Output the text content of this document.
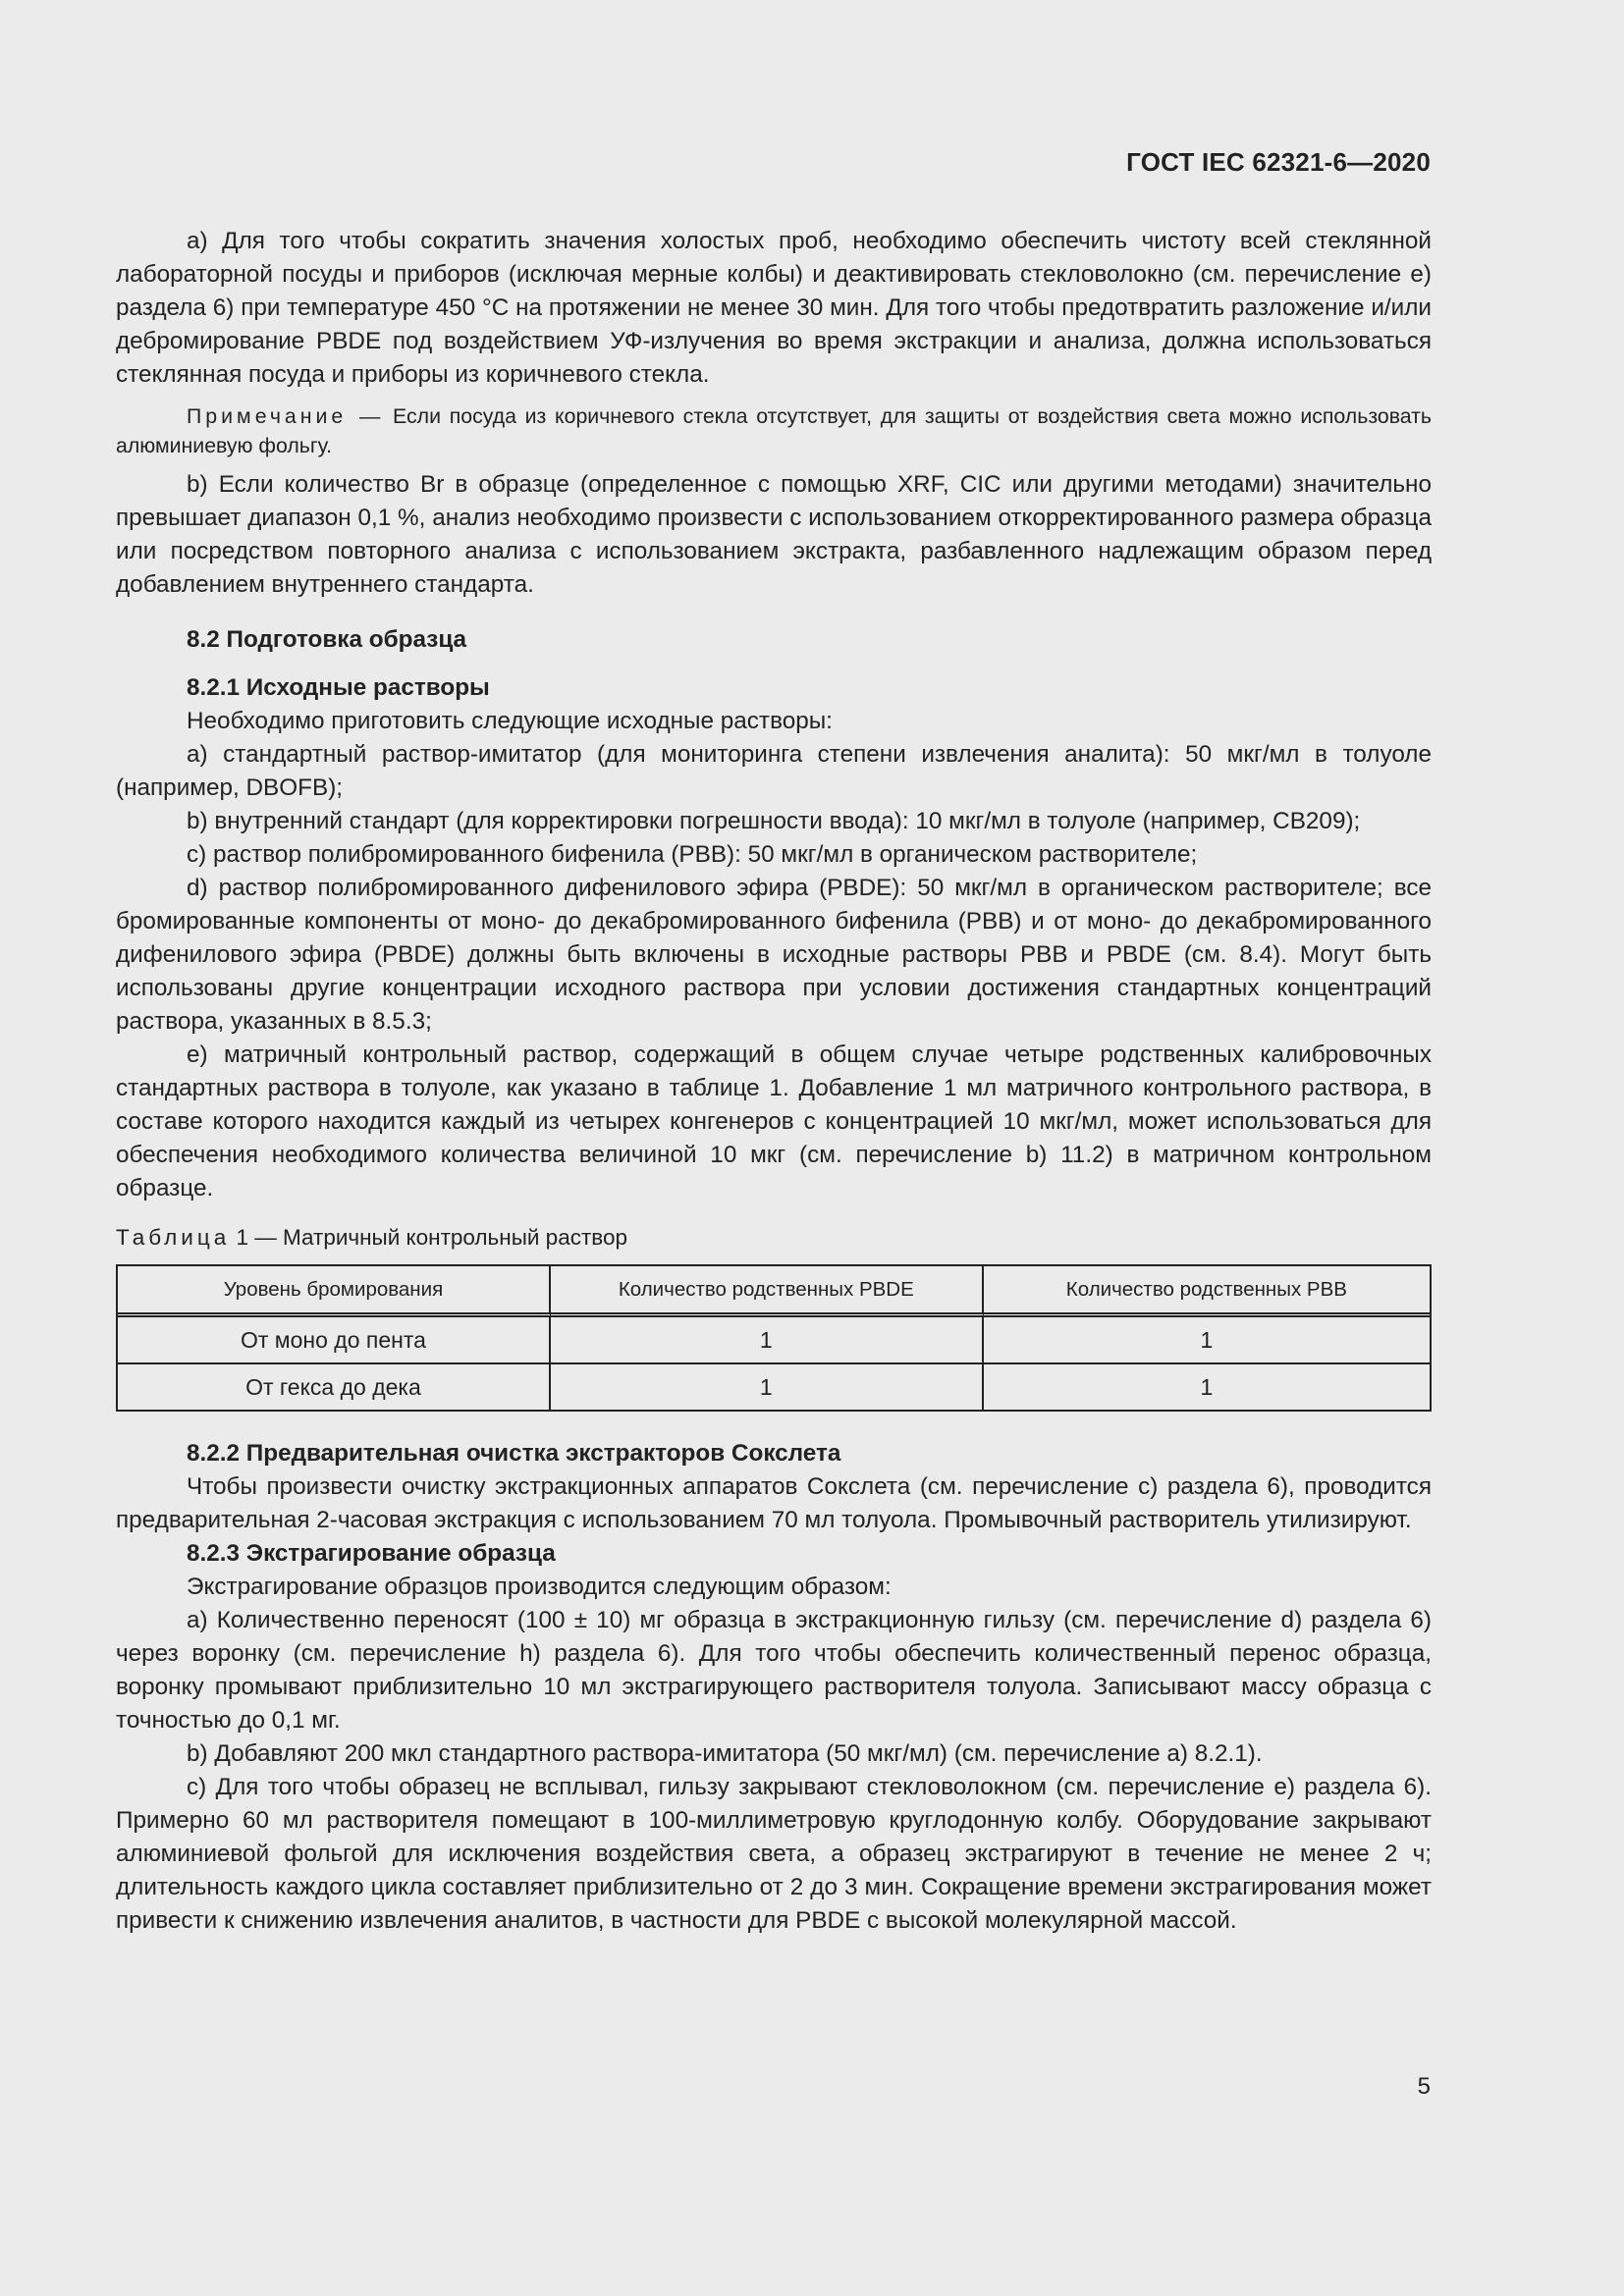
ГОСТ IEC 62321-6—2020

a) Для того чтобы сократить значения холостых проб, необходимо обеспечить чистоту всей стеклянной лабораторной посуды и приборов (исключая мерные колбы) и деактивировать стекловолокно (см. перечисление e) раздела 6) при температуре 450 °C на протяжении не менее 30 мин. Для того чтобы предотвратить разложение и/или дебромирование PBDE под воздействием УФ-излучения во время экстракции и анализа, должна использоваться стеклянная посуда и приборы из коричневого стекла.

Примечание — Если посуда из коричневого стекла отсутствует, для защиты от воздействия света можно использовать алюминиевую фольгу.

b) Если количество Br в образце (определенное с помощью XRF, CIC или другими методами) значительно превышает диапазон 0,1 %, анализ необходимо произвести с использованием откорректированного размера образца или посредством повторного анализа с использованием экстракта, разбавленного надлежащим образом перед добавлением внутреннего стандарта.

8.2 Подготовка образца

8.2.1 Исходные растворы

Необходимо приготовить следующие исходные растворы:

a) стандартный раствор-имитатор (для мониторинга степени извлечения аналита): 50 мкг/мл в толуоле (например, DBOFB);

b) внутренний стандарт (для корректировки погрешности ввода): 10 мкг/мл в толуоле (например, CB209);

c) раствор полибромированного бифенила (PBB): 50 мкг/мл в органическом растворителе;

d) раствор полибромированного дифенилового эфира (PBDE): 50 мкг/мл в органическом растворителе; все бромированные компоненты от моно- до декабромированного бифенила (PBB) и от моно- до декабромированного дифенилового эфира (PBDE) должны быть включены в исходные растворы PBB и PBDE (см. 8.4). Могут быть использованы другие концентрации исходного раствора при условии достижения стандартных концентраций раствора, указанных в 8.5.3;

e) матричный контрольный раствор, содержащий в общем случае четыре родственных калибровочных стандартных раствора в толуоле, как указано в таблице 1. Добавление 1 мл матричного контрольного раствора, в составе которого находится каждый из четырех конгенеров с концентрацией 10 мкг/мл, может использоваться для обеспечения необходимого количества величиной 10 мкг (см. перечисление b) 11.2) в матричном контрольном образце.

Таблица 1 — Матричный контрольный раствор

Уровень бромирования	Количество родственных PBDE	Количество родственных PBB
От моно до пента	1	1
От гекса до дека	1	1

8.2.2 Предварительная очистка экстракторов Сокслета

Чтобы произвести очистку экстракционных аппаратов Сокслета (см. перечисление c) раздела 6), проводится предварительная 2-часовая экстракция с использованием 70 мл толуола. Промывочный растворитель утилизируют.

8.2.3 Экстрагирование образца

Экстрагирование образцов производится следующим образом:

a) Количественно переносят (100 ± 10) мг образца в экстракционную гильзу (см. перечисление d) раздела 6) через воронку (см. перечисление h) раздела 6). Для того чтобы обеспечить количественный перенос образца, воронку промывают приблизительно 10 мл экстрагирующего растворителя толуола. Записывают массу образца с точностью до 0,1 мг.

b) Добавляют 200 мкл стандартного раствора-имитатора (50 мкг/мл) (см. перечисление a) 8.2.1).

c) Для того чтобы образец не всплывал, гильзу закрывают стекловолокном (см. перечисление e) раздела 6). Примерно 60 мл растворителя помещают в 100-миллиметровую круглодонную колбу. Оборудование закрывают алюминиевой фольгой для исключения воздействия света, а образец экстрагируют в течение не менее 2 ч; длительность каждого цикла составляет приблизительно от 2 до 3 мин. Сокращение времени экстрагирования может привести к снижению извлечения аналитов, в частности для PBDE с высокой молекулярной массой.

5
